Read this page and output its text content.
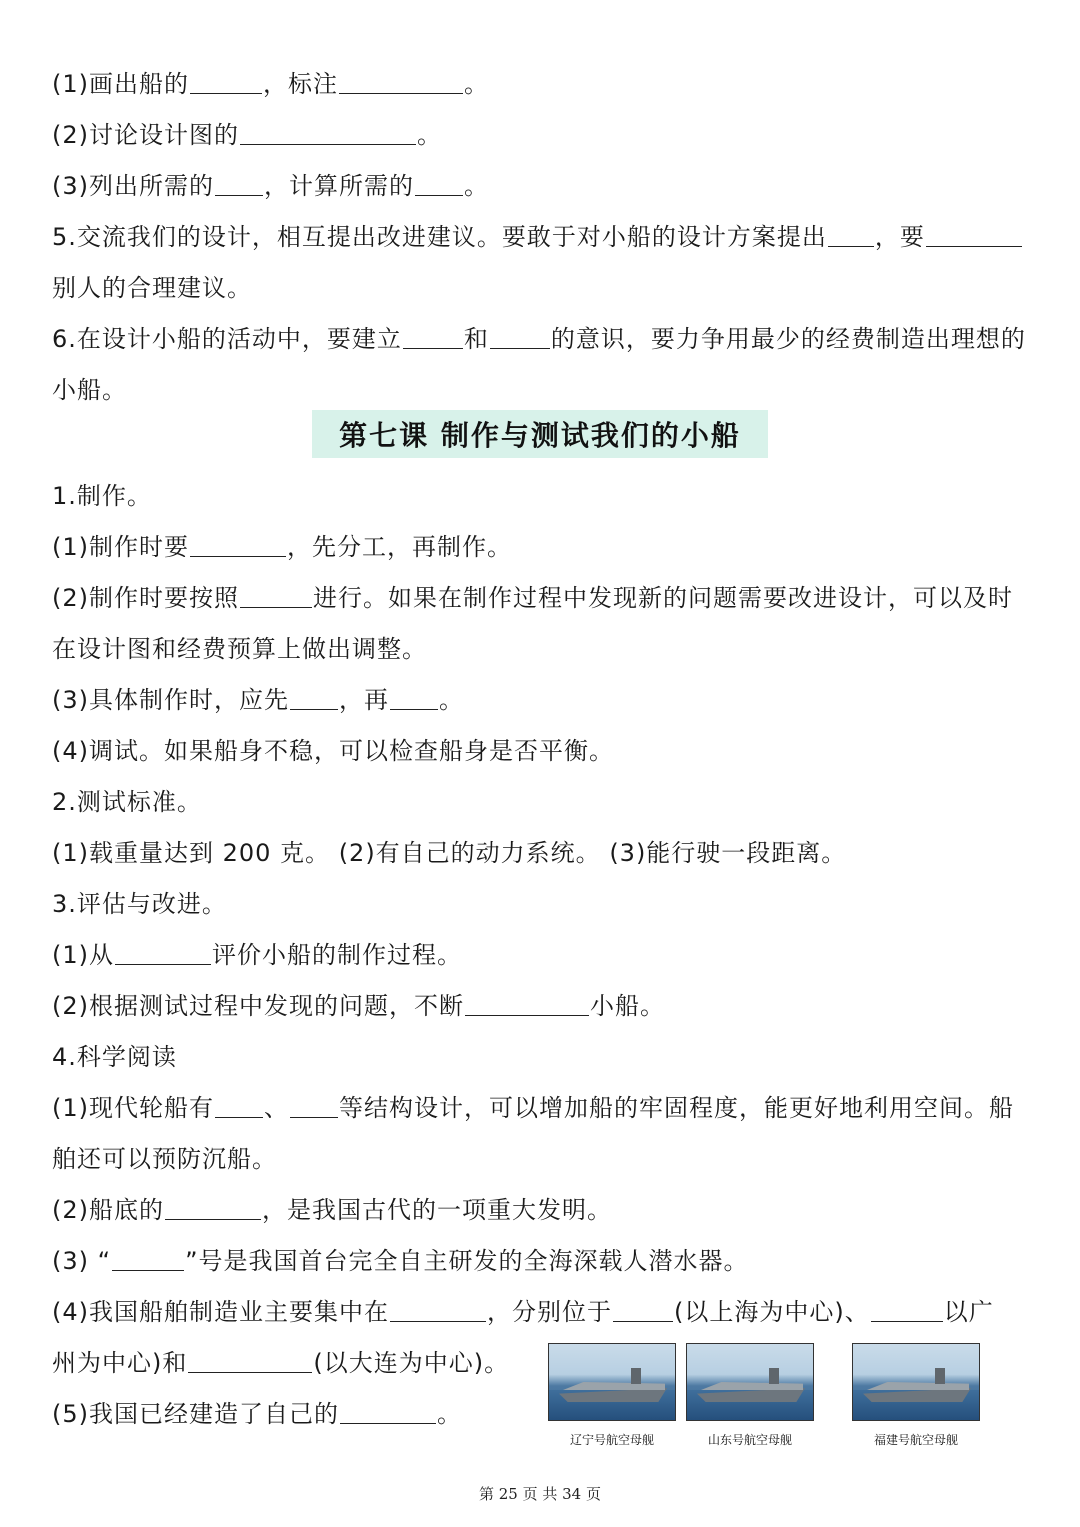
(1)画出船的	，标注	。
(2)讨论设计图的	。
(3)列出所需的 ，计算所需的 。
5.交流我们的设计，相互提出改进建议。要敢于对小船的设计方案提出 ，要
别人的合理建议。
6.在设计小船的活动中，要建立	和	的意识，要力争用最少的经费制造出理想的
小船。
第七课 制作与测试我们的小船
1.制作。
(1)制作时要	，先分工，再制作。
(2)制作时要按照	进行。如果在制作过程中发现新的问题需要改进设计，可以及时
在设计图和经费预算上做出调整。
(3)具体制作时，应先 ，再 。
(4)调试。如果船身不稳，可以检查船身是否平衡。
2.测试标准。
(1)载重量达到 200 克。 (2)有自己的动力系统。 (3)能行驶一段距离。
3.评估与改进。
(1)从	评价小船的制作过程。
(2)根据测试过程中发现的问题，不断	小船。
4.科学阅读
(1)现代轮船有 、 等结构设计，可以增加船的牢固程度，能更好地利用空间。船
舶还可以预防沉船。
(2)船底的	，是我国古代的一项重大发明。
(3) “	”号是我国首台完全自主研发的全海深载人潜水器。
(4)我国船舶制造业主要集中在	，分别位于	(以上海为中心)、	以广
州为中心)和	(以大连为中心)。
(5)我国已经建造了自己的	。
辽宁号航空母舰	山东号航空母舰	福建号航空母舰
第 25 页 共 34 页
